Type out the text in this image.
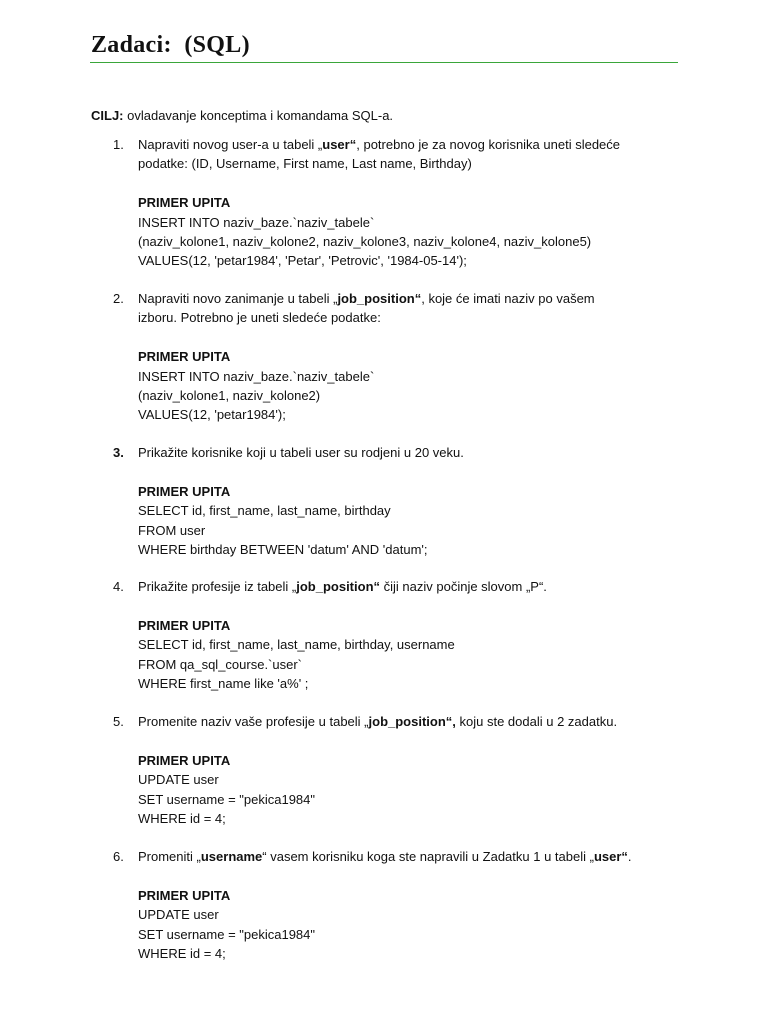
Zadaci:  (SQL)
CILJ: ovladavanje konceptima i komandama SQL-a.
1.	Napraviti novog user-a u tabeli „user“, potrebno je za novog korisnika uneti sledeće

podatke: (ID, Username, First name, Last name, Birthday)

PRIMER UPITA

INSERT INTO naziv_baze.`naziv_tabele`

(naziv_kolone1, naziv_kolone2, naziv_kolone3, naziv_kolone4, naziv_kolone5)

VALUES(12, 'petar1984', 'Petar', 'Petrovic', '1984-05-14');

2.	Napraviti novo zanimanje u tabeli „job_position“, koje će imati naziv po vašem

izboru. Potrebno je uneti sledeće podatke:

PRIMER UPITA

INSERT INTO naziv_baze.`naziv_tabele`

(naziv_kolone1, naziv_kolone2)

VALUES(12, 'petar1984');

3.	Prikažite korisnike koji u tabeli user su rodjeni u 20 veku.

PRIMER UPITA

SELECT id, first_name, last_name, birthday

FROM user

WHERE birthday BETWEEN 'datum' AND 'datum';

4.	Prikažite profesije iz tabeli „job_position“ čiji naziv počinje slovom „P“.

PRIMER UPITA

SELECT id, first_name, last_name, birthday, username

FROM qa_sql_course.`user`

WHERE first_name like 'a%' ;

5.	Promenite naziv vaše profesije u tabeli „job_position“, koju ste dodali u 2 zadatku.

PRIMER UPITA

UPDATE user

SET username = "pekica1984"

WHERE id = 4;

6.	Promeniti „username“ vasem korisniku koga ste napravili u Zadatku 1 u tabeli „user“.

PRIMER UPITA

UPDATE user

SET username = "pekica1984"

WHERE id = 4;
